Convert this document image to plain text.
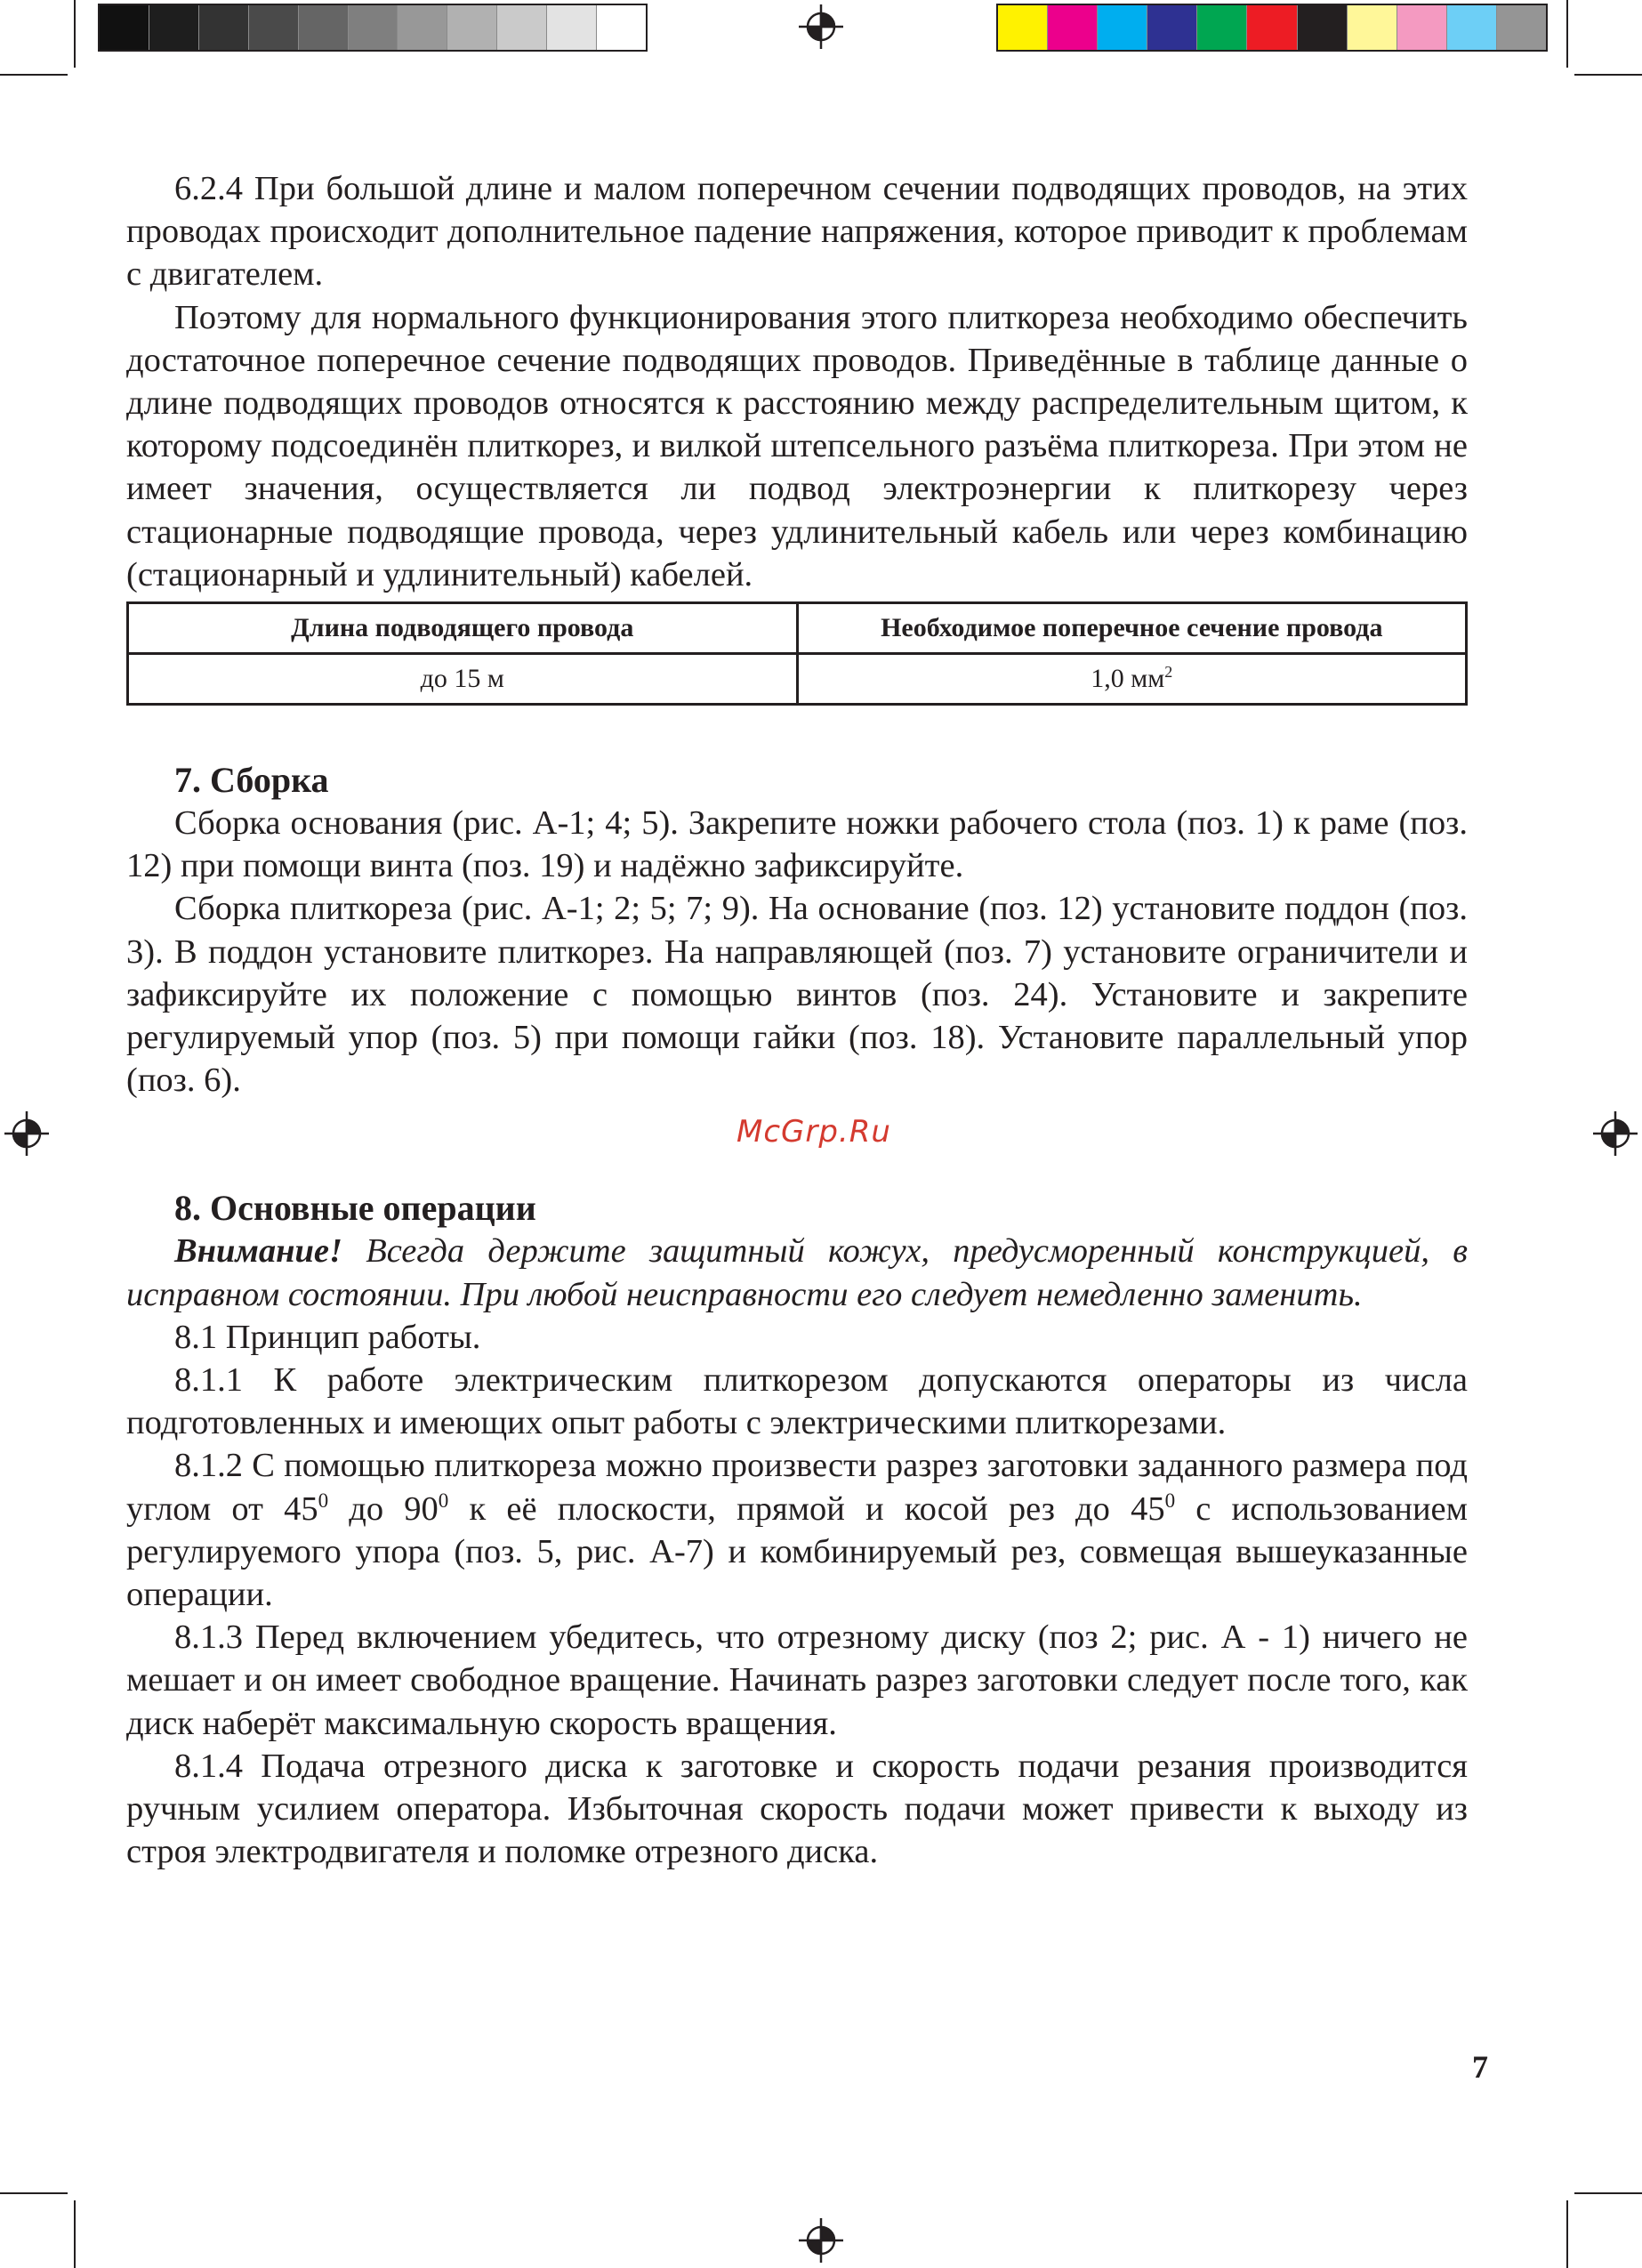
6.2.4 При большой длине и малом поперечном сечении подводящих проводов, на этих проводах происходит дополнительное падение напряжения, которое приводит к проблемам с двигателем.

Поэтому для нормального функционирования этого плиткореза необходимо обеспечить достаточное поперечное сечение подводящих проводов. Приведённые в таблице данные о длине подводящих проводов относятся к расстоянию между распределительным щитом, к которому подсоединён плиткорез, и вилкой штепсельного разъёма плиткореза. При этом не имеет значения, осуществляется ли подвод электроэнергии к плиткорезу через стационарные подводящие провода, через удлинительный кабель или через комбинацию (стационарный и удлинительный) кабелей.

Длина подводящего провода	Необходимое поперечное сечение провода
до 15 м	1,0 $мм^2$
7. Сборка

Сборка основания (рис. А-1; 4; 5). Закрепите ножки рабочего стола (поз. 1) к раме (поз. 12) при помощи винта (поз. 19) и надёжно зафиксируйте.

Сборка плиткореза (рис. А-1; 2; 5; 7; 9). На основание (поз. 12) установите поддон (поз. 3). В поддон установите плиткорез. На направляющей (поз. 7) установите ограничители и зафиксируйте их положение с помощью винтов (поз. 24). Установите и закрепите регулируемый упор (поз. 5) при помощи гайки (поз. 18). Установите параллельный упор (поз. 6).

8. Основные операции

Внимание! Всегда держите защитный кожух, предусмоpенный конструкцией, в исправном состоянии. При любой неисправности его следует немедленно заменить.

8.1 Принцип работы.

8.1.1 К работе электрическим плиткорезом допускаются операторы из числа подготовленных и имеющих опыт работы с электрическими плиткорезами.

8.1.2 С помощью плиткореза можно произвести разрез заготовки заданного размера под углом от $45^0$ до $90^0$ к её плоскости, прямой и косой рез до $45^0$ с использованием регулируемого упора (поз. 5, рис. А-7) и комбинируемый рез, совмещая вышеуказанные операции.

8.1.3 Перед включением убедитесь, что отрезному диску (поз 2; рис. А - 1) ничего не мешает и он имеет свободное вращение. Начинать разрез заготовки следует после того, как диск наберёт максимальную скорость вращения.

8.1.4 Подача отрезного диска к заготовке и скорость подачи резания производится ручным усилием оператора. Избыточная скорость подачи может привести к выходу из строя электродвигателя и поломке отрезного диска.

McGrp.Ru
7
